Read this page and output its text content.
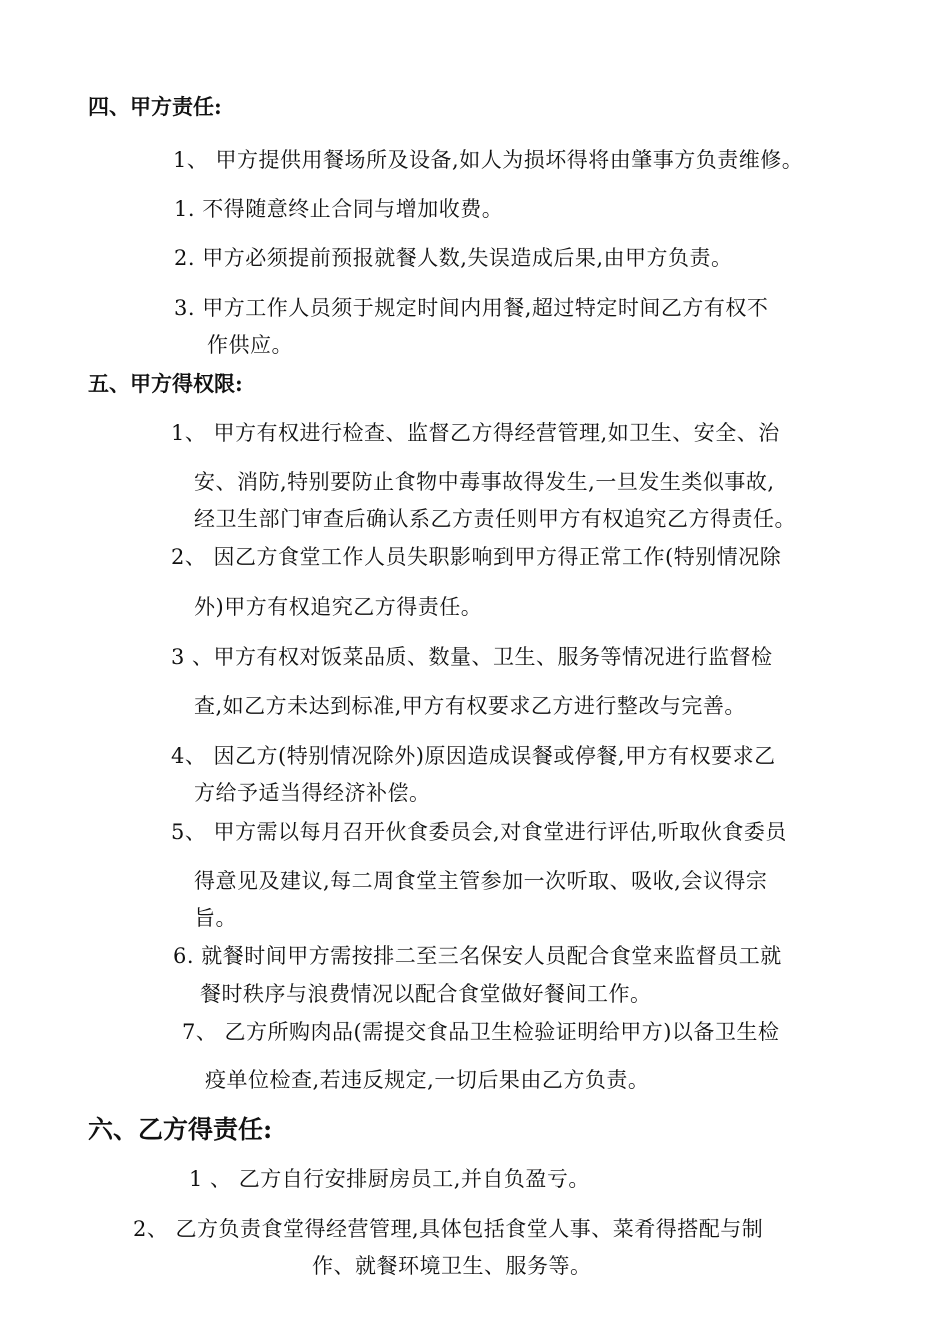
四、甲方责任:
1、 甲方提供用餐场所及设备,如人为损坏得将由肇事方负责维修。
1. 不得随意终止合同与增加收费。
2. 甲方必须提前预报就餐人数,失误造成后果,由甲方负责。
3. 甲方工作人员须于规定时间内用餐,超过特定时间乙方有权不
作供应。
五、甲方得权限:
1、 甲方有权进行检查、监督乙方得经营管理,如卫生、安全、治
安、消防,特别要防止食物中毒事故得发生,一旦发生类似事故,
经卫生部门审查后确认系乙方责任则甲方有权追究乙方得责任。
2、 因乙方食堂工作人员失职影响到甲方得正常工作(特别情况除
外)甲方有权追究乙方得责任。
3 、甲方有权对饭菜品质、数量、卫生、服务等情况进行监督检
查,如乙方未达到标准,甲方有权要求乙方进行整改与完善。
4、 因乙方(特别情况除外)原因造成误餐或停餐,甲方有权要求乙
方给予适当得经济补偿。
5、 甲方需以每月召开伙食委员会,对食堂进行评估,听取伙食委员
得意见及建议,每二周食堂主管参加一次听取、吸收,会议得宗
旨。
6. 就餐时间甲方需按排二至三名保安人员配合食堂来监督员工就
餐时秩序与浪费情况以配合食堂做好餐间工作。
7、 乙方所购肉品(需提交食品卫生检验证明给甲方)以备卫生检
疫单位检查,若违反规定,一切后果由乙方负责。
六、乙方得责任:
1 、 乙方自行安排厨房员工,并自负盈亏。
2、 乙方负责食堂得经营管理,具体包括食堂人事、菜肴得搭配与制
作、就餐环境卫生、服务等。
